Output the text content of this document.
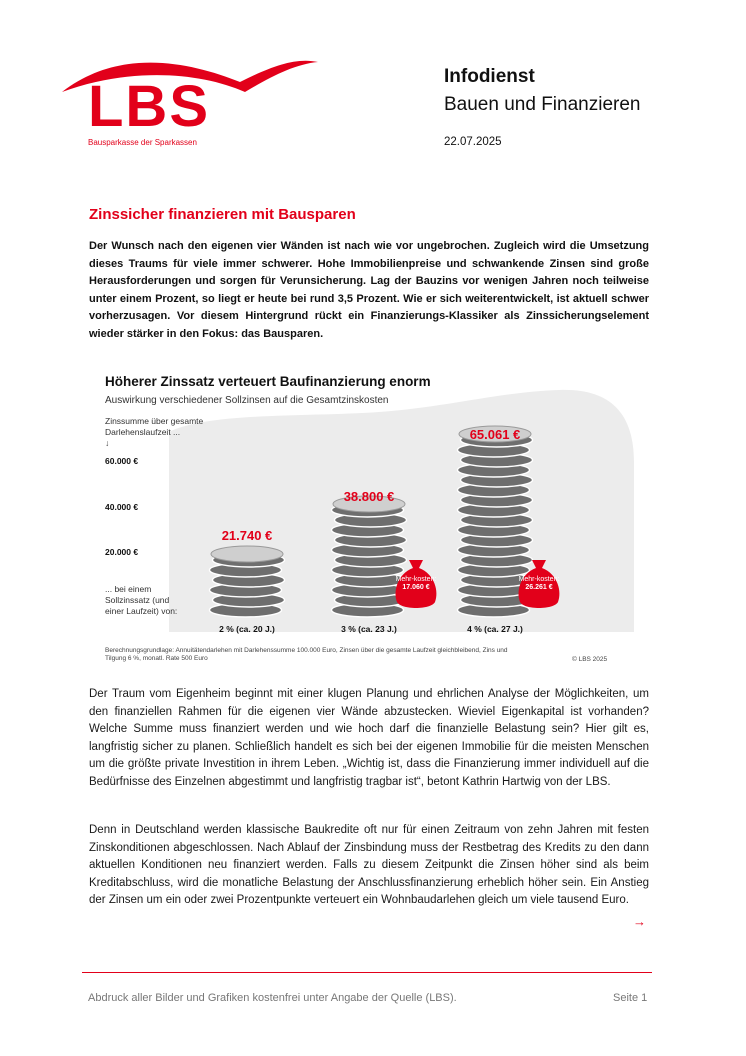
LBS
Bausparkasse der Sparkassen
Infodienst
Bauen und Finanzieren
22.07.2025
Zinssicher finanzieren mit Bausparen
Der Wunsch nach den eigenen vier Wänden ist nach wie vor ungebrochen. Zugleich wird die Umsetzung dieses Traums für viele immer schwerer. Hohe Immobilienpreise und schwankende Zinsen sind große Herausforderungen und sorgen für Verunsicherung. Lag der Bauzins vor wenigen Jahren noch teilweise unter einem Prozent, so liegt er heute bei rund 3,5 Prozent. Wie er sich weiterentwickelt, ist aktuell schwer vorherzusagen. Vor diesem Hintergrund rückt ein Finanzierungs-Klassiker als Zinssicherungselement wieder stärker in den Fokus: das Bausparen.
Höherer Zinssatz verteuert Baufinanzierung enorm
Auswirkung verschiedener Sollzinsen auf die Gesamtzinskosten
Zinssumme über gesamte Darlehenslaufzeit ...
↓
60.000 €
40.000 €
20.000 €
... bei einem Sollzinssatz (und einer Laufzeit) von:
2 % (ca. 20 J.)	3 % (ca. 23 J.)	4 % (ca. 27 J.)
21.740 €
38.800 €
65.061 €
Mehr-kosten:
17.060 €
Mehr-kosten:
26.261 €
Berechnungsgrundlage: Annuitätendarlehen mit Darlehenssumme 100.000 Euro, Zinsen über die gesamte Laufzeit gleichbleibend, Zins und Tilgung 6 %, monatl. Rate 500 Euro	© LBS 2025
Der Traum vom Eigenheim beginnt mit einer klugen Planung und ehrlichen Analyse der Möglichkeiten, um den finanziellen Rahmen für die eigenen vier Wände abzustecken. Wieviel Eigenkapital ist vorhanden? Welche Summe muss finanziert werden und wie hoch darf die finanzielle Belastung sein? Hier gilt es, langfristig sicher zu planen. Schließlich handelt es sich bei der eigenen Immobilie für die meisten Menschen um die größte private Investition in ihrem Leben. „Wichtig ist, dass die Finanzierung immer individuell auf die Bedürfnisse des Einzelnen abgestimmt und langfristig tragbar ist“, betont Kathrin Hartwig von der LBS.
Denn in Deutschland werden klassische Baukredite oft nur für einen Zeitraum von zehn Jahren mit festen Zinskonditionen abgeschlossen. Nach Ablauf der Zinsbindung muss der Restbetrag des Kredits zu den dann aktuellen Konditionen neu finanziert werden. Falls zu diesem Zeitpunkt die Zinsen höher sind als beim Kreditabschluss, wird die monatliche Belastung der Anschlussfinanzierung erheblich höher sein. Ein Anstieg der Zinsen um ein oder zwei Prozentpunkte verteuert ein Wohnbaudarlehen gleich um viele tausend Euro.
→
Abdruck aller Bilder und Grafiken kostenfrei unter Angabe der Quelle (LBS).	Seite 1
